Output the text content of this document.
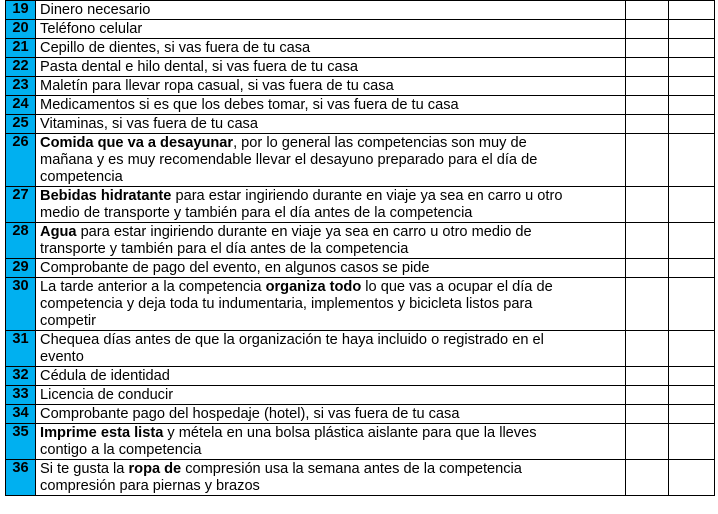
19	Dinero necesario		
20	Teléfono celular		
21	Cepillo de dientes, si vas fuera de tu casa		
22	Pasta dental e hilo dental, si vas fuera de tu casa		
23	Maletín para llevar ropa casual, si vas fuera de tu casa		
24	Medicamentos si es que los debes tomar, si vas fuera de tu casa		
25	Vitaminas, si vas fuera de tu casa		
26	Comida que va a desayunar, por lo general las competencias son muy de
mañana y es muy recomendable llevar el desayuno preparado para el día de
competencia		
27	Bebidas hidratante para estar ingiriendo durante en viaje ya sea en carro u otro
medio de transporte y también para el día antes de la competencia		
28	Agua para estar ingiriendo durante en viaje ya sea en carro u otro medio de
transporte y también para el día antes de la competencia		
29	Comprobante de pago del evento, en algunos casos se pide		
30	La tarde anterior a la competencia organiza todo lo que vas a ocupar el día de
competencia y deja toda tu indumentaria, implementos y bicicleta listos para
competir		
31	Chequea días antes de que la organización te haya incluido o registrado en el
evento		
32	Cédula de identidad		
33	Licencia de conducir		
34	Comprobante pago del hospedaje (hotel), si vas fuera de tu casa		
35	Imprime esta lista y métela en una bolsa plástica aislante para que la lleves
contigo a la competencia		
36	Si te gusta la ropa de compresión usa la semana antes de la competencia
compresión para piernas y brazos		
